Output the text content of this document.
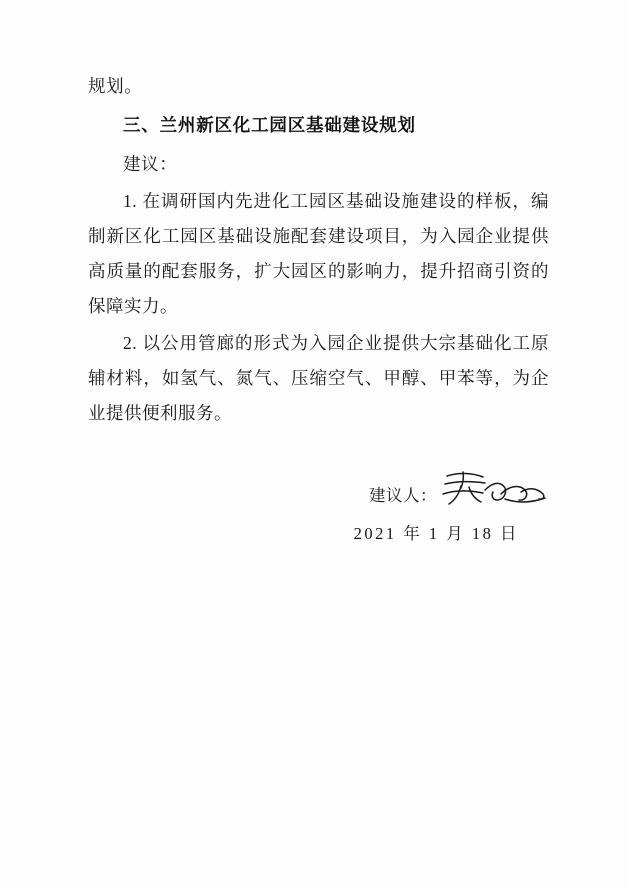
规划。

三、兰州新区化工园区基础建设规划

建议：

1. 在调研国内先进化工园区基础设施建设的样板，编制新区化工园区基础设施配套建设项目，为入园企业提供高质量的配套服务，扩大园区的影响力，提升招商引资的保障实力。

2. 以公用管廊的形式为入园企业提供大宗基础化工原辅材料，如氢气、氮气、压缩空气、甲醇、甲苯等，为企业提供便利服务。

建议人：
2021 年 1 月 18 日
